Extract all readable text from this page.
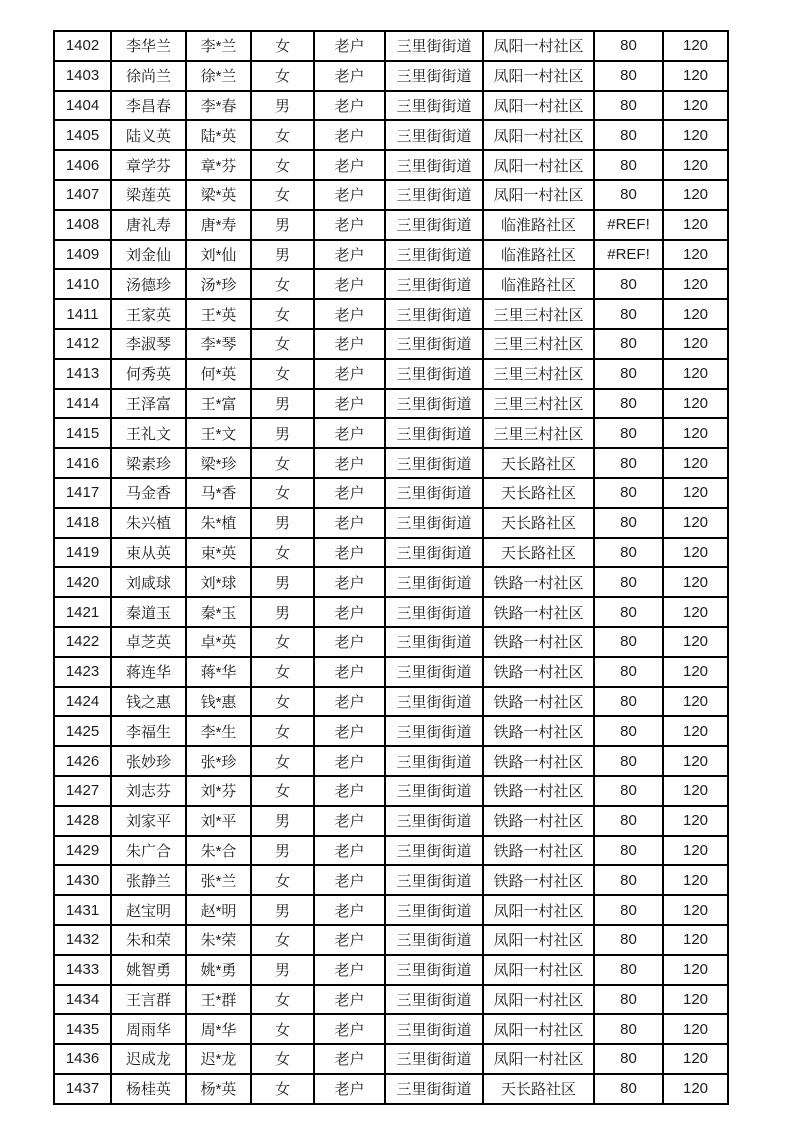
1402	李华兰	李*兰	女	老户	三里街街道	凤阳一村社区	80	120
1403	徐尚兰	徐*兰	女	老户	三里街街道	凤阳一村社区	80	120
1404	李昌春	李*春	男	老户	三里街街道	凤阳一村社区	80	120
1405	陆义英	陆*英	女	老户	三里街街道	凤阳一村社区	80	120
1406	章学芬	章*芬	女	老户	三里街街道	凤阳一村社区	80	120
1407	梁莲英	梁*英	女	老户	三里街街道	凤阳一村社区	80	120
1408	唐礼寿	唐*寿	男	老户	三里街街道	临淮路社区	#REF!	120
1409	刘金仙	刘*仙	男	老户	三里街街道	临淮路社区	#REF!	120
1410	汤德珍	汤*珍	女	老户	三里街街道	临淮路社区	80	120
1411	王家英	王*英	女	老户	三里街街道	三里三村社区	80	120
1412	李淑琴	李*琴	女	老户	三里街街道	三里三村社区	80	120
1413	何秀英	何*英	女	老户	三里街街道	三里三村社区	80	120
1414	王泽富	王*富	男	老户	三里街街道	三里三村社区	80	120
1415	王礼文	王*文	男	老户	三里街街道	三里三村社区	80	120
1416	梁素珍	梁*珍	女	老户	三里街街道	天长路社区	80	120
1417	马金香	马*香	女	老户	三里街街道	天长路社区	80	120
1418	朱兴植	朱*植	男	老户	三里街街道	天长路社区	80	120
1419	束从英	束*英	女	老户	三里街街道	天长路社区	80	120
1420	刘咸球	刘*球	男	老户	三里街街道	铁路一村社区	80	120
1421	秦道玉	秦*玉	男	老户	三里街街道	铁路一村社区	80	120
1422	卓芝英	卓*英	女	老户	三里街街道	铁路一村社区	80	120
1423	蒋连华	蒋*华	女	老户	三里街街道	铁路一村社区	80	120
1424	钱之惠	钱*惠	女	老户	三里街街道	铁路一村社区	80	120
1425	李福生	李*生	女	老户	三里街街道	铁路一村社区	80	120
1426	张妙珍	张*珍	女	老户	三里街街道	铁路一村社区	80	120
1427	刘志芬	刘*芬	女	老户	三里街街道	铁路一村社区	80	120
1428	刘家平	刘*平	男	老户	三里街街道	铁路一村社区	80	120
1429	朱广合	朱*合	男	老户	三里街街道	铁路一村社区	80	120
1430	张静兰	张*兰	女	老户	三里街街道	铁路一村社区	80	120
1431	赵宝明	赵*明	男	老户	三里街街道	凤阳一村社区	80	120
1432	朱和荣	朱*荣	女	老户	三里街街道	凤阳一村社区	80	120
1433	姚智勇	姚*勇	男	老户	三里街街道	凤阳一村社区	80	120
1434	王言群	王*群	女	老户	三里街街道	凤阳一村社区	80	120
1435	周雨华	周*华	女	老户	三里街街道	凤阳一村社区	80	120
1436	迟成龙	迟*龙	女	老户	三里街街道	凤阳一村社区	80	120
1437	杨桂英	杨*英	女	老户	三里街街道	天长路社区	80	120
